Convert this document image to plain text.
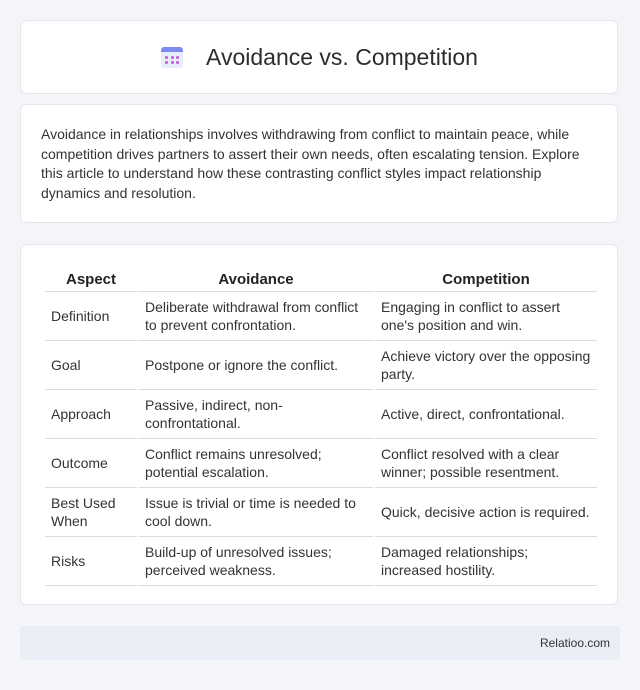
Avoidance vs. Competition

Avoidance in relationships involves withdrawing from conflict to maintain peace, while competition drives partners to assert their own needs, often escalating tension. Explore this article to understand how these contrasting conflict styles impact relationship dynamics and resolution.

Aspect	Avoidance	Competition
Definition	Deliberate withdrawal from conflict to prevent confrontation.	Engaging in conflict to assert one's position and win.
Goal	Postpone or ignore the conflict.	Achieve victory over the opposing party.
Approach	Passive, indirect, non-confrontational.	Active, direct, confrontational.
Outcome	Conflict remains unresolved; potential escalation.	Conflict resolved with a clear winner; possible resentment.
Best Used When	Issue is trivial or time is needed to cool down.	Quick, decisive action is required.
Risks	Build-up of unresolved issues; perceived weakness.	Damaged relationships; increased hostility.
Relatioo.com
